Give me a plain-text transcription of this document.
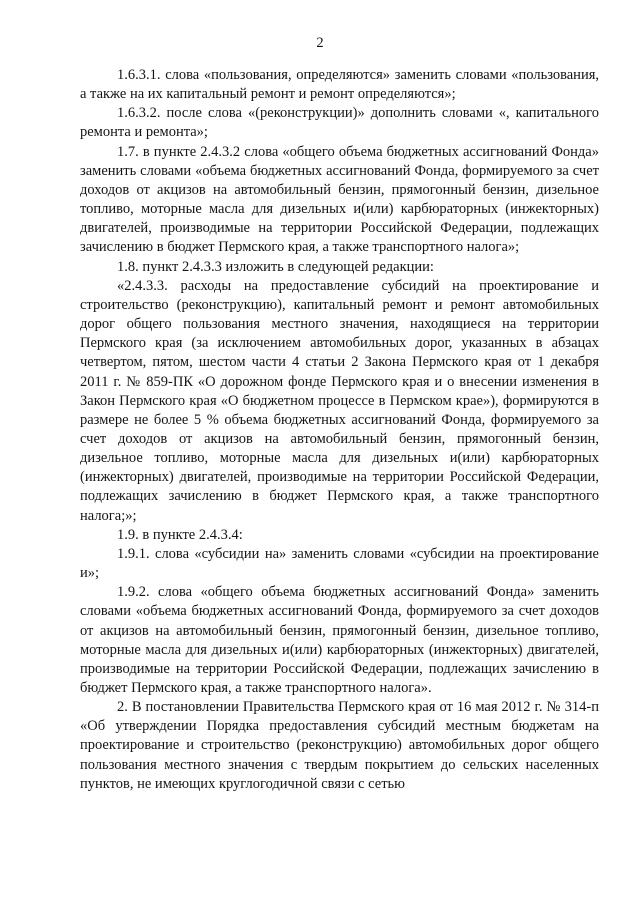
2

1.6.3.1. слова «пользования, определяются» заменить словами «пользования, а также на их капитальный ремонт и ремонт определяются»;

1.6.3.2. после слова «(реконструкции)» дополнить словами «, капитального ремонта и ремонта»;

1.7. в пункте 2.4.3.2 слова «общего объема бюджетных ассигнований Фонда» заменить словами «объема бюджетных ассигнований Фонда, формируемого за счет доходов от акцизов на автомобильный бензин, прямогонный бензин, дизельное топливо, моторные масла для дизельных и(или) карбюраторных (инжекторных) двигателей, производимые на территории Российской Федерации, подлежащих зачислению в бюджет Пермского края, а также транспортного налога»;

1.8. пункт 2.4.3.3 изложить в следующей редакции:

«2.4.3.3. расходы на предоставление субсидий на проектирование и строительство (реконструкцию), капитальный ремонт и ремонт автомобильных дорог общего пользования местного значения, находящиеся на территории Пермского края (за исключением автомобильных дорог, указанных в абзацах четвертом, пятом, шестом части 4 статьи 2 Закона Пермского края от 1 декабря 2011 г. № 859-ПК «О дорожном фонде Пермского края и о внесении изменения в Закон Пермского края «О бюджетном процессе в Пермском крае»), формируются в размере не более 5 % объема бюджетных ассигнований Фонда, формируемого за счет доходов от акцизов на автомобильный бензин, прямогонный бензин, дизельное топливо, моторные масла для дизельных и(или) карбюраторных (инжекторных) двигателей, производимые на территории Российской Федерации, подлежащих зачислению в бюджет Пермского края, а также транспортного налога;»;

1.9. в пункте 2.4.3.4:

1.9.1. слова «субсидии на» заменить словами «субсидии на проектирование и»;

1.9.2. слова «общего объема бюджетных ассигнований Фонда» заменить словами «объема бюджетных ассигнований Фонда, формируемого за счет доходов от акцизов на автомобильный бензин, прямогонный бензин, дизельное топливо, моторные масла для дизельных и(или) карбюраторных (инжекторных) двигателей, производимые на территории Российской Федерации, подлежащих зачислению в бюджет Пермского края, а также транспортного налога».

2. В постановлении Правительства Пермского края от 16 мая 2012 г. № 314-п «Об утверждении Порядка предоставления субсидий местным бюджетам на проектирование и строительство (реконструкцию) автомобильных дорог общего пользования местного значения с твердым покрытием до сельских населенных пунктов, не имеющих круглогодичной связи с сетью
